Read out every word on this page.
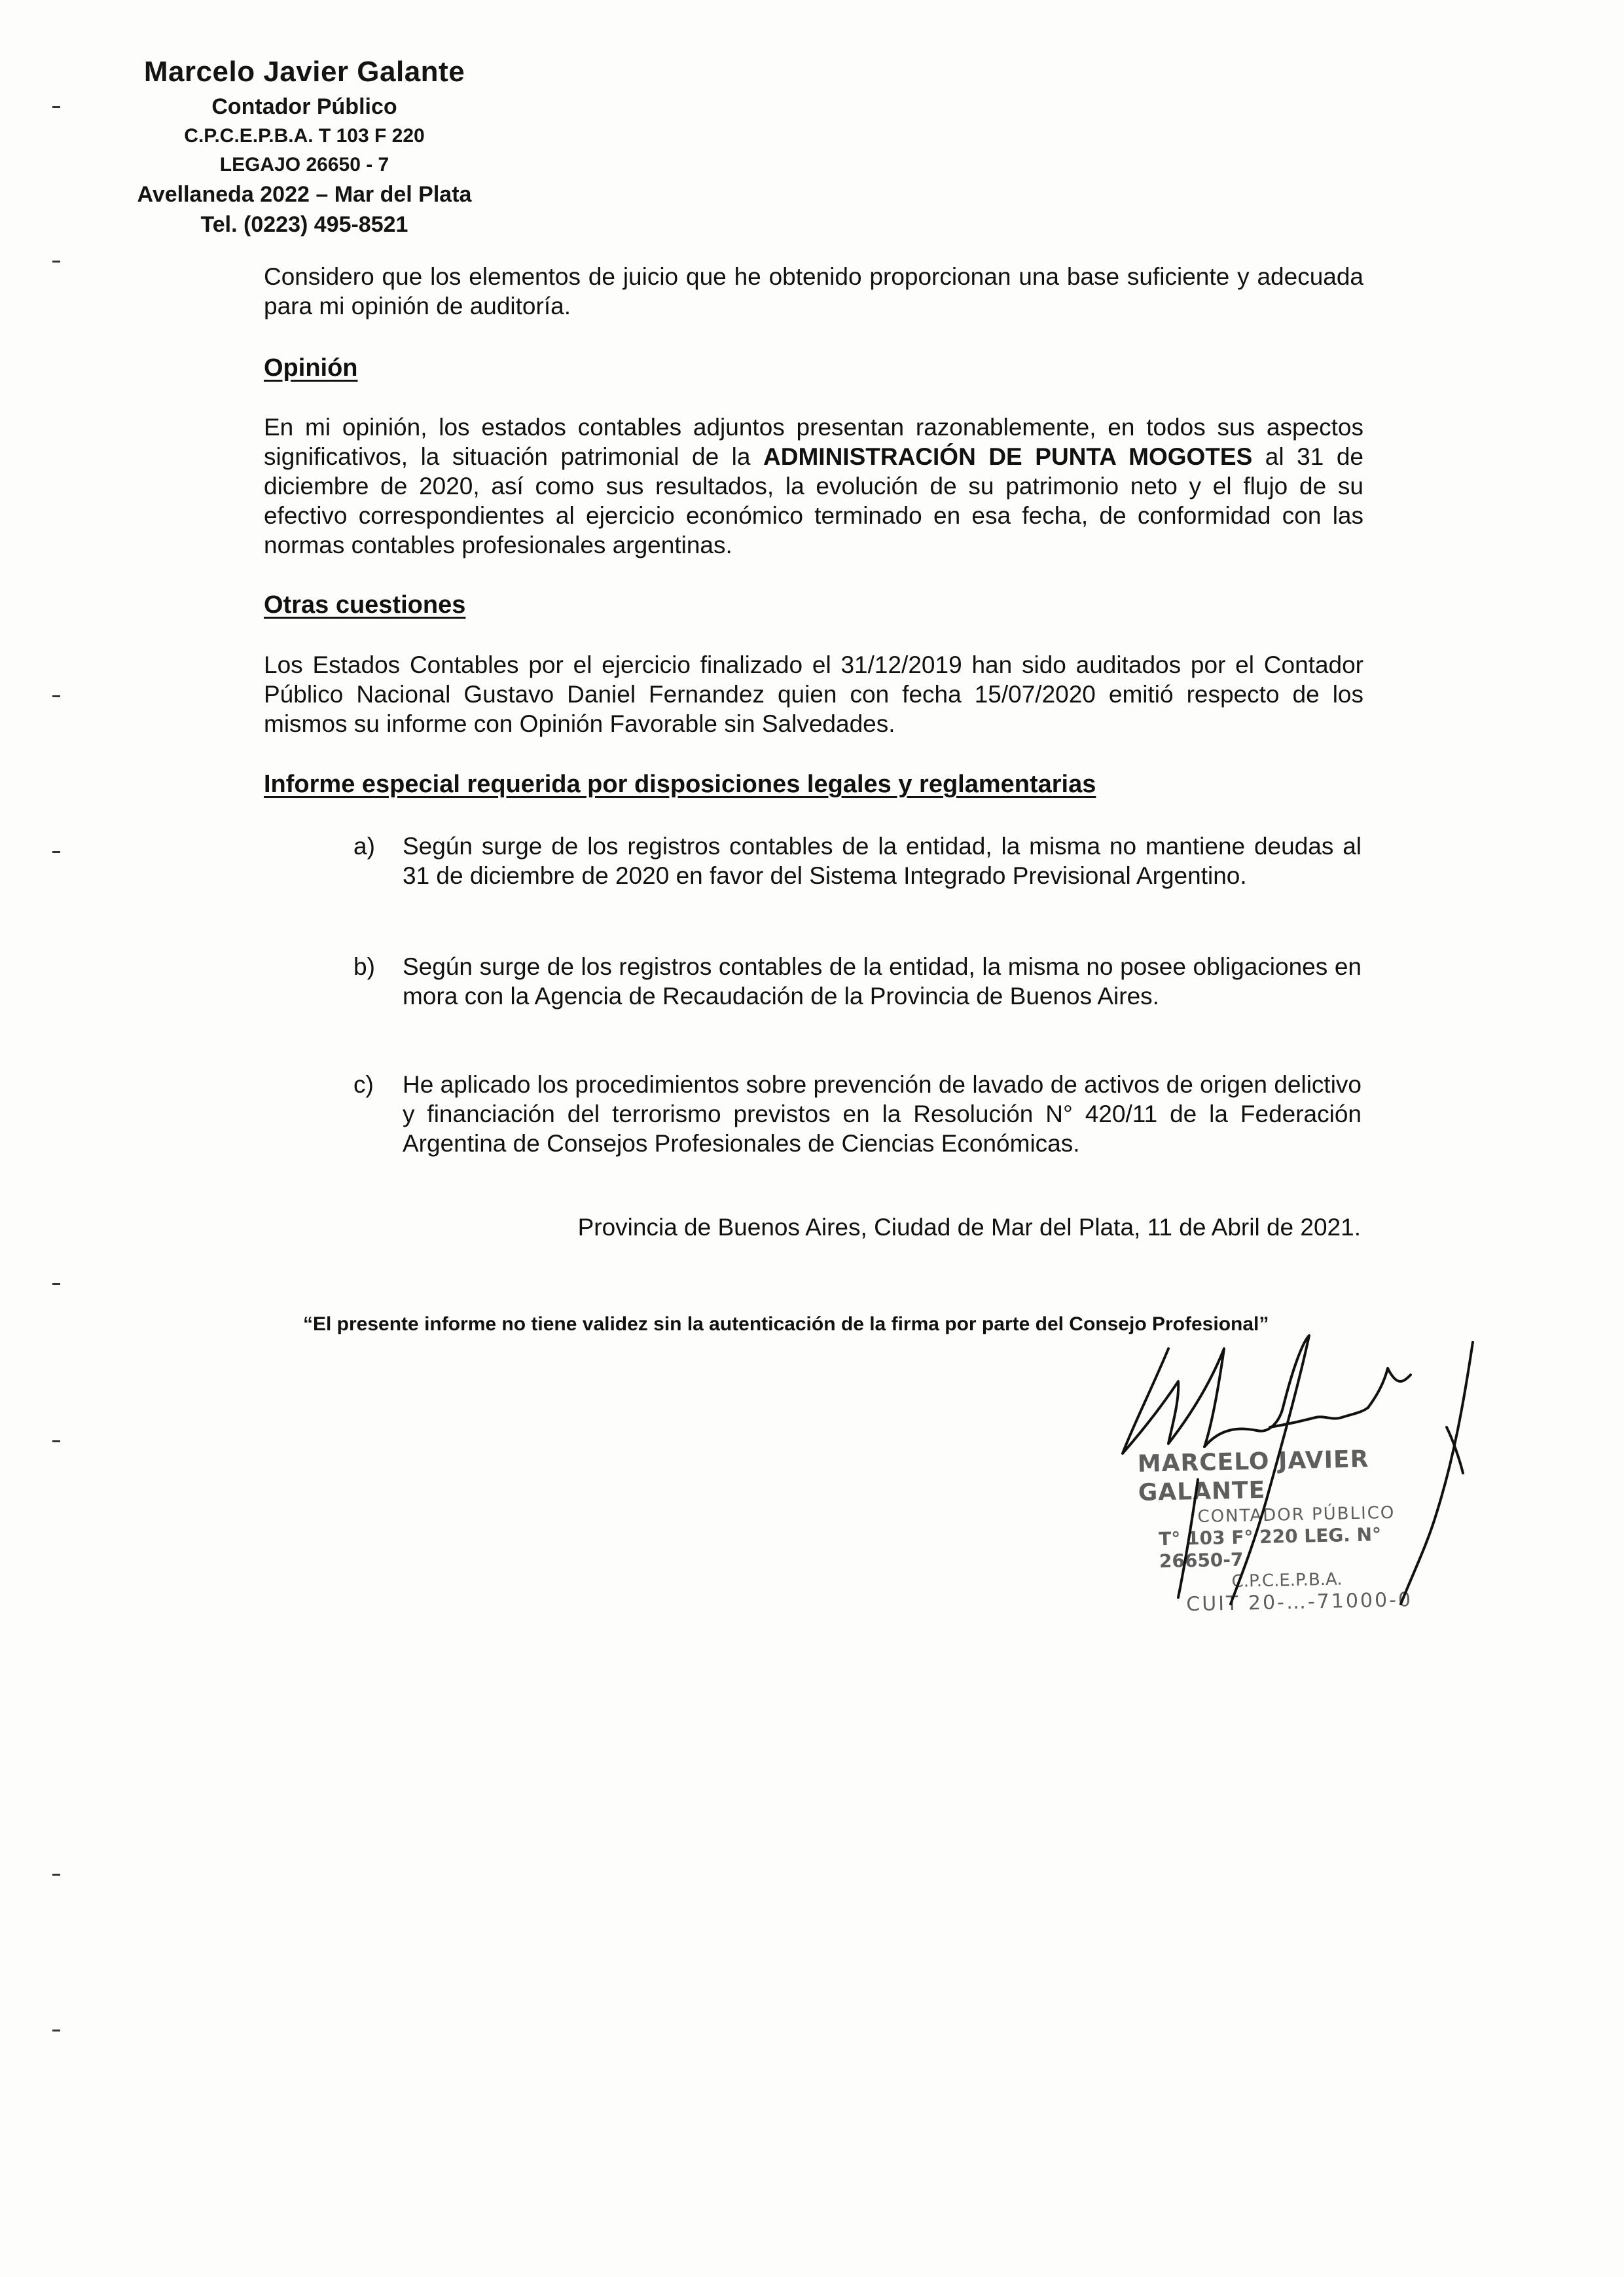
Marcelo Javier Galante
Contador Público
C.P.C.E.P.B.A. T 103 F 220
LEGAJO 26650 - 7
Avellaneda 2022 – Mar del Plata
Tel. (0223) 495-8521
Considero que los elementos de juicio que he obtenido proporcionan una base suficiente y adecuada para mi opinión de auditoría.
Opinión
En mi opinión, los estados contables adjuntos presentan razonablemente, en todos sus aspectos significativos, la situación patrimonial de la ADMINISTRACIÓN DE PUNTA MOGOTES al 31 de diciembre de 2020, así como sus resultados, la evolución de su patrimonio neto y el flujo de su efectivo correspondientes al ejercicio económico terminado en esa fecha, de conformidad con las normas contables profesionales argentinas.
Otras cuestiones
Los Estados Contables por el ejercicio finalizado el 31/12/2019 han sido auditados por el Contador Público Nacional Gustavo Daniel Fernandez quien con fecha 15/07/2020 emitió respecto de los mismos su informe con Opinión Favorable sin Salvedades.
Informe especial requerida por disposiciones legales y reglamentarias
a)	Según surge de los registros contables de la entidad, la misma no mantiene deudas al 31 de diciembre de 2020 en favor del Sistema Integrado Previsional Argentino.
b)	Según surge de los registros contables de la entidad, la misma no posee obligaciones en mora con la Agencia de Recaudación de la Provincia de Buenos Aires.
c)	He aplicado los procedimientos sobre prevención de lavado de activos de origen delictivo y financiación del terrorismo previstos en la Resolución N° 420/11 de la Federación Argentina de Consejos Profesionales de Ciencias Económicas.
Provincia de Buenos Aires, Ciudad de Mar del Plata, 11 de Abril de 2021.
“El presente informe no tiene validez sin la autenticación de la firma por parte del Consejo Profesional”
MARCELO JAVIER GALANTE
CONTADOR PÚBLICO
T° 103 F° 220 LEG. N° 26650-7
C.P.C.E.P.B.A.
CUIT 20-…-71000-0
